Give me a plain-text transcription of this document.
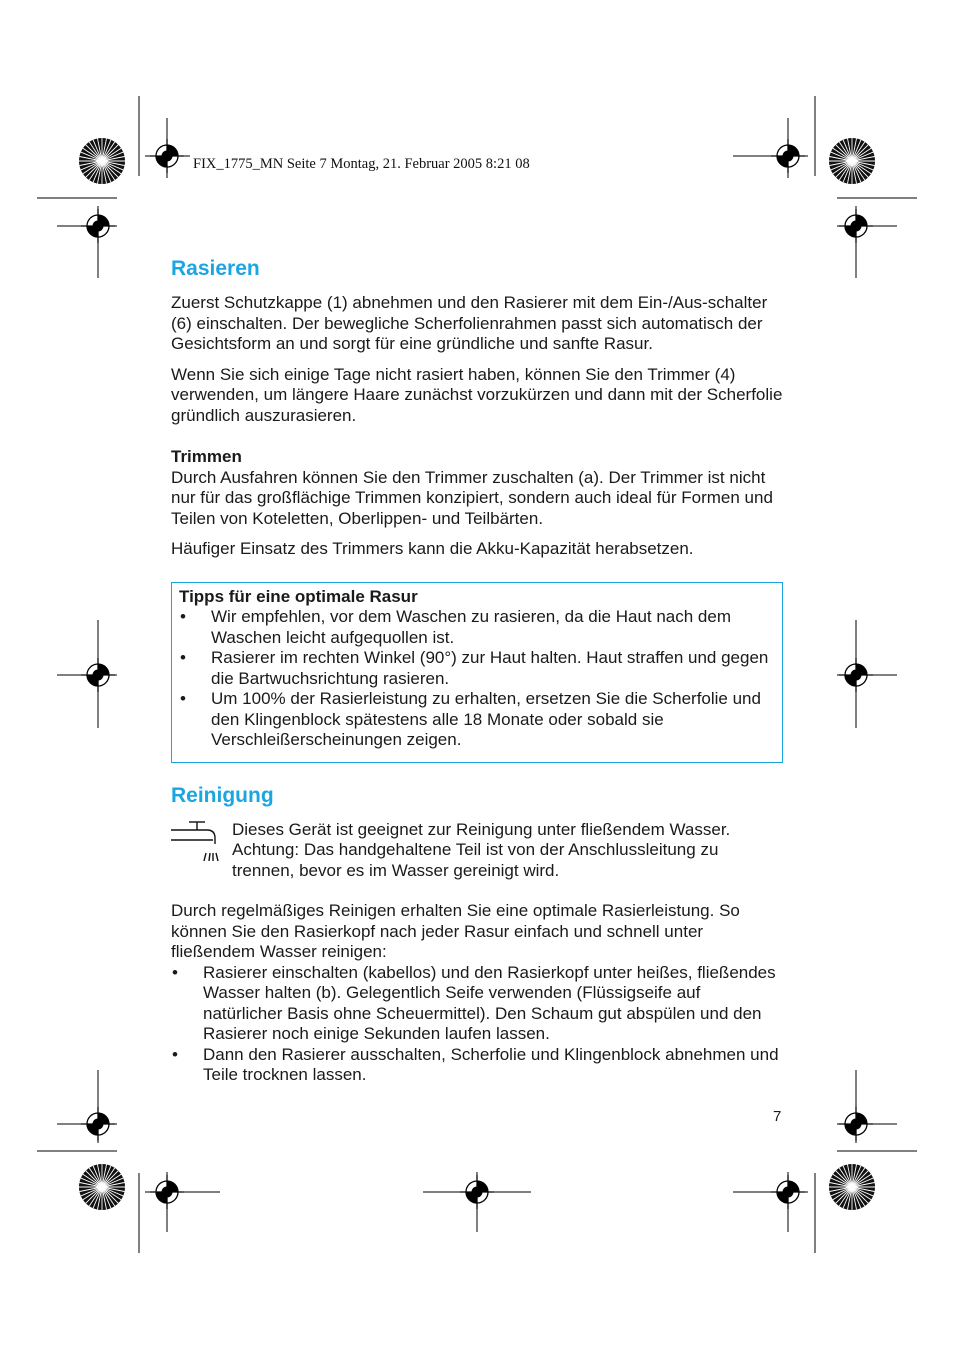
FIX_1775_MN Seite 7 Montag, 21. Februar 2005 8:21 08
Rasieren

Zuerst Schutzkappe (1) abnehmen und den Rasierer mit dem Ein-/Aus-schalter (6) einschalten. Der bewegliche Scherfolienrahmen passt sich automatisch der Gesichtsform an und sorgt für eine gründliche und sanfte Rasur.

Wenn Sie sich einige Tage nicht rasiert haben, können Sie den Trimmer (4) verwenden, um längere Haare zunächst vorzukürzen und dann mit der Scherfolie gründlich auszurasieren.

Trimmen

Durch Ausfahren können Sie den Trimmer zuschalten (a). Der Trimmer ist nicht nur für das großflächige Trimmen konzipiert, sondern auch ideal für Formen und Teilen von Koteletten, Oberlippen- und Teilbärten.

Häufiger Einsatz des Trimmers kann die Akku-Kapazität herabsetzen.

Tipps für eine optimale Rasur
• Wir empfehlen, vor dem Waschen zu rasieren, da die Haut nach dem Waschen leicht aufgequollen ist.
• Rasierer im rechten Winkel (90°) zur Haut halten. Haut straffen und gegen die Bartwuchsrichtung rasieren.
• Um 100% der Rasierleistung zu erhalten, ersetzen Sie die Scherfolie und den Klingenblock spätestens alle 18 Monate oder sobald sie Verschleißerscheinungen zeigen.
Reinigung

Dieses Gerät ist geeignet zur Reinigung unter fließendem Wasser. Achtung: Das handgehaltene Teil ist von der Anschlussleitung zu trennen, bevor es im Wasser gereinigt wird.

Durch regelmäßiges Reinigen erhalten Sie eine optimale Rasierleistung. So können Sie den Rasierkopf nach jeder Rasur einfach und schnell unter fließendem Wasser reinigen:

• Rasierer einschalten (kabellos) und den Rasierkopf unter heißes, fließendes Wasser halten (b). Gelegentlich Seife verwenden (Flüssigseife auf natürlicher Basis ohne Scheuermittel). Den Schaum gut abspülen und den Rasierer noch einige Sekunden laufen lassen.
• Dann den Rasierer ausschalten, Scherfolie und Klingenblock abnehmen und Teile trocknen lassen.
7
